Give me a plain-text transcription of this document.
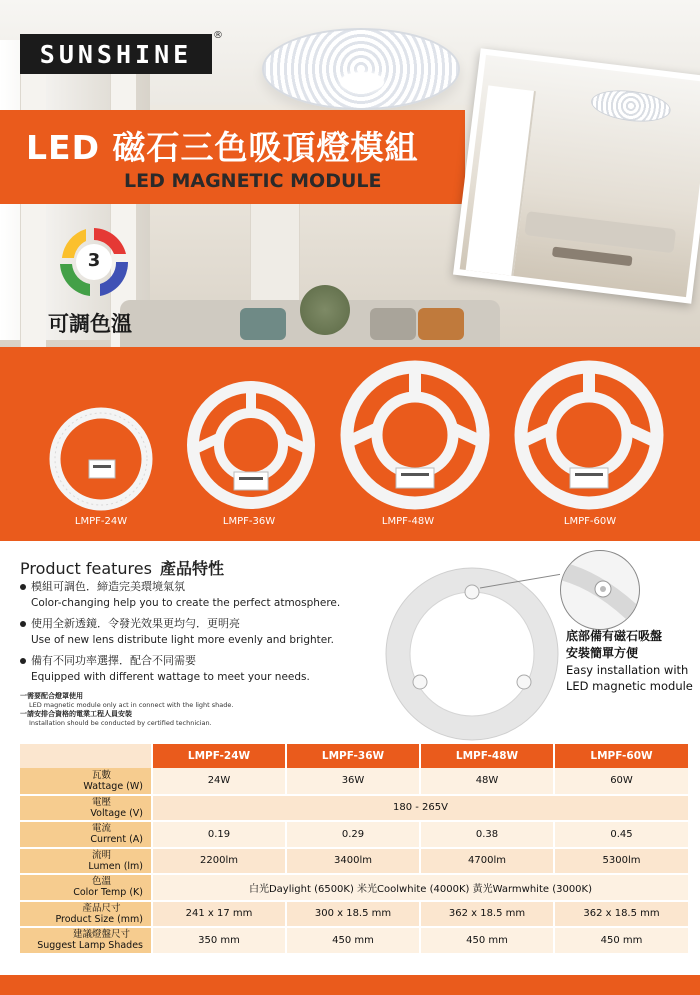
SUNSHINE
®
LED 磁石三色吸頂燈模組
LED MAGNETIC MODULE
3
可調色溫
LMPF-24W	LMPF-36W	LMPF-48W	LMPF-60W
Product features 產品特性
模組可調色．締造完美環境氣氛
Color-changing help you to create the perfect atmosphere.
使用全新透鏡．令發光效果更均勻．更明亮
Use of new lens distribute light more evenly and brighter.
備有不同功率選擇．配合不同需要
Equipped with different wattage to meet your needs.
一需要配合燈罩使用
LED magnetic module only act in connect with the light shade.
一請安排合資格的電業工程人員安裝
Installation should be conducted by certified technician.
底部備有磁石吸盤
安裝簡單方便
Easy installation with
LED magnetic module
	LMPF-24W	LMPF-36W	LMPF-48W	LMPF-60W

瓦數
Wattage (W)	24W	36W	48W	60W

電壓
Voltage (V)	180 - 265V			

電流
Current (A)	0.19	0.29	0.38	0.45

流明
Lumen (lm)	2200lm	3400lm	4700lm	5300lm

色溫
Color Temp (K)	白光Daylight (6500K) 米光Coolwhite (4000K) 黃光Warmwhite (3000K)			

產品尺寸
Product Size (mm)	241 x 17 mm	300 x 18.5 mm	362 x 18.5 mm	362 x 18.5 mm

建議燈盤尺寸
Suggest Lamp Shades	350 mm	450 mm	450 mm	450 mm
